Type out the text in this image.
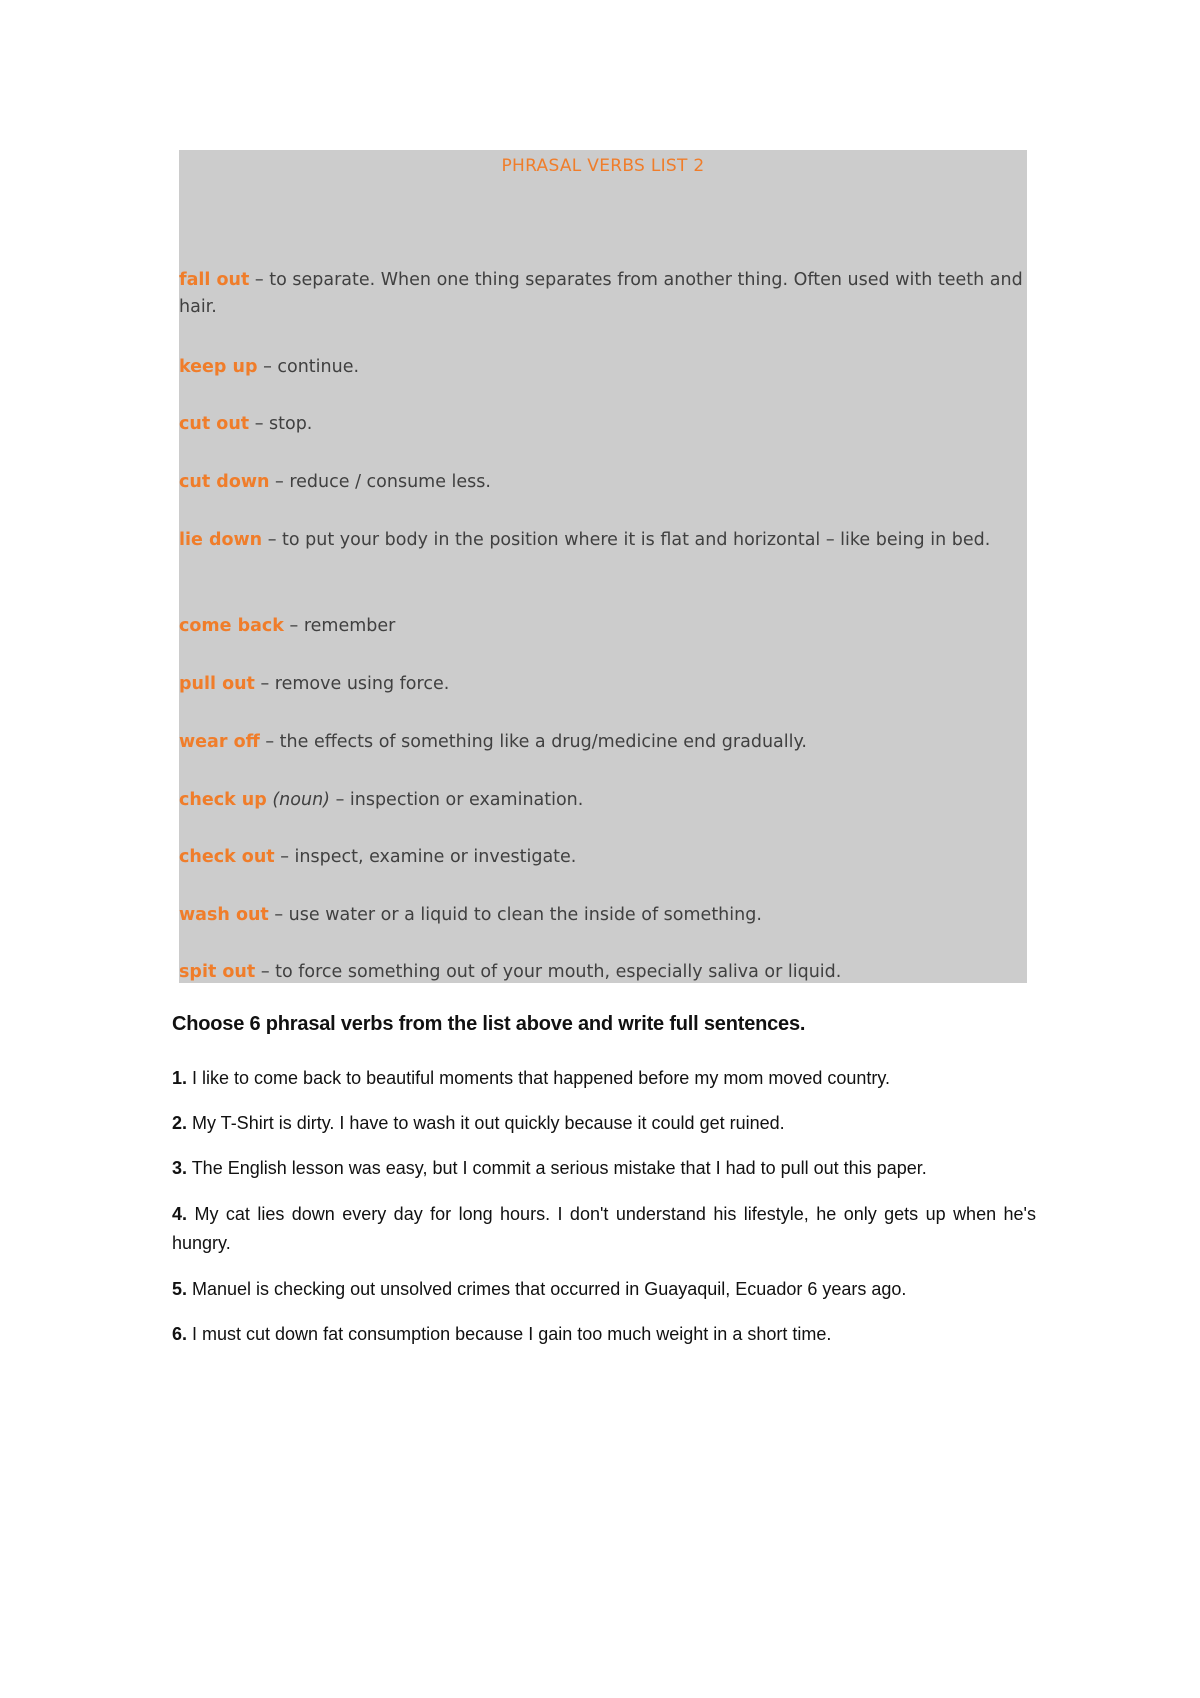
PHRASAL VERBS LIST 2

fall out – to separate. When one thing separates from another thing. Often used with teeth and hair.

keep up – continue.

cut out – stop.

cut down – reduce / consume less.

lie down – to put your body in the position where it is flat and horizontal – like being in bed.

come back – remember

pull out – remove using force.

wear off – the effects of something like a drug/medicine end gradually.

check up (noun) – inspection or examination.

check out – inspect, examine or investigate.

wash out – use water or a liquid to clean the inside of something.

spit out – to force something out of your mouth, especially saliva or liquid.

Choose 6 phrasal verbs from the list above and write full sentences.

1. I like to come back to beautiful moments that happened before my mom moved country.

2. My T-Shirt is dirty. I have to wash it out quickly because it could get ruined.

3. The English lesson was easy, but I commit a serious mistake that I had to pull out this paper.

4. My cat lies down every day for long hours. I don't understand his lifestyle, he only gets up when he's hungry.

5. Manuel is checking out unsolved crimes that occurred in Guayaquil, Ecuador 6 years ago.

6. I must cut down fat consumption because I gain too much weight in a short time.
